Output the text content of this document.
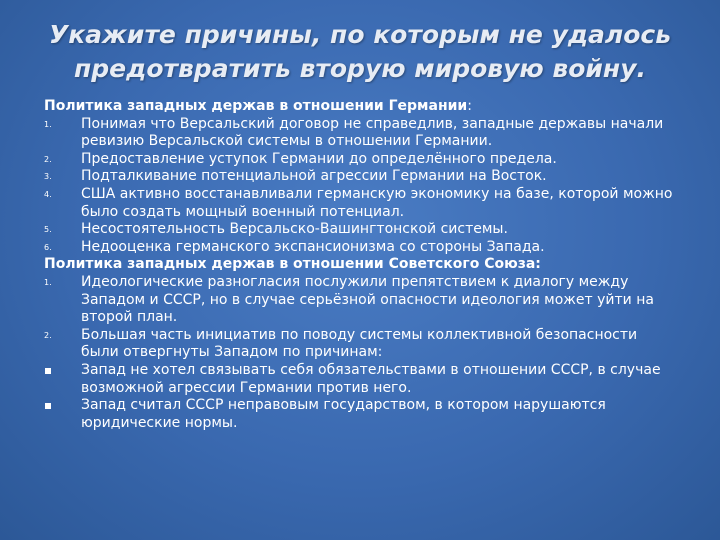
Укажите причины, по которым не удалось предотвратить вторую мировую войну.

Политика западных держав в отношении Германии:

1.	Понимая что Версальский договор не справедлив, западные державы начали ревизию Версальской системы в отношении Германии.
2.	Предоставление уступок Германии до определённого предела.
3.	Подталкивание потенциальной агрессии Германии на Восток.
4.	США активно восстанавливали германскую экономику на базе, которой можно было создать мощный военный потенциал.
5.	Несостоятельность Версальско-Вашингтонской системы.
6.	Недооценка германского экспансионизма со стороны Запада.

Политика западных держав в отношении Советского Союза:

1.	Идеологические разногласия послужили препятствием к диалогу между Западом и СССР, но в случае серьёзной опасности идеология может уйти на второй план.
2.	Большая часть инициатив по поводу системы коллективной безопасности были отвергнуты Западом по причинам:
Запад не хотел связывать себя обязательствами в отношении СССР, в случае возможной агрессии Германии против него.
Запад считал СССР неправовым государством, в котором нарушаются юридические нормы.
